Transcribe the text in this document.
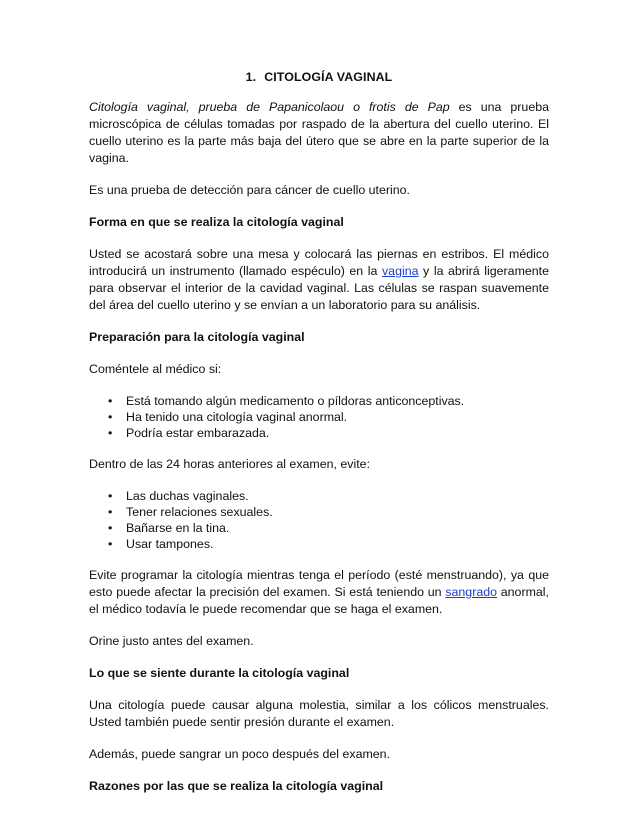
1. CITOLOGÍA VAGINAL

Citología vaginal, prueba de Papanicolaou o frotis de Pap es una prueba microscópica de células tomadas por raspado de la abertura del cuello uterino. El cuello uterino es la parte más baja del útero que se abre en la parte superior de la vagina.

Es una prueba de detección para cáncer de cuello uterino.

Forma en que se realiza la citología vaginal

Usted se acostará sobre una mesa y colocará las piernas en estribos. El médico introducirá un instrumento (llamado espéculo) en la vagina y la abrirá ligeramente para observar el interior de la cavidad vaginal. Las células se raspan suavemente del área del cuello uterino y se envían a un laboratorio para su análisis.

Preparación para la citología vaginal

Coméntele al médico si:

• Está tomando algún medicamento o píldoras anticonceptivas.
• Ha tenido una citología vaginal anormal.
• Podría estar embarazada.

Dentro de las 24 horas anteriores al examen, evite:

• Las duchas vaginales.
• Tener relaciones sexuales.
• Bañarse en la tina.
• Usar tampones.

Evite programar la citología mientras tenga el período (esté menstruando), ya que esto puede afectar la precisión del examen. Si está teniendo un sangrado anormal, el médico todavía le puede recomendar que se haga el examen.

Orine justo antes del examen.

Lo que se siente durante la citología vaginal

Una citología puede causar alguna molestia, similar a los cólicos menstruales. Usted también puede sentir presión durante el examen.

Además, puede sangrar un poco después del examen.

Razones por las que se realiza la citología vaginal
